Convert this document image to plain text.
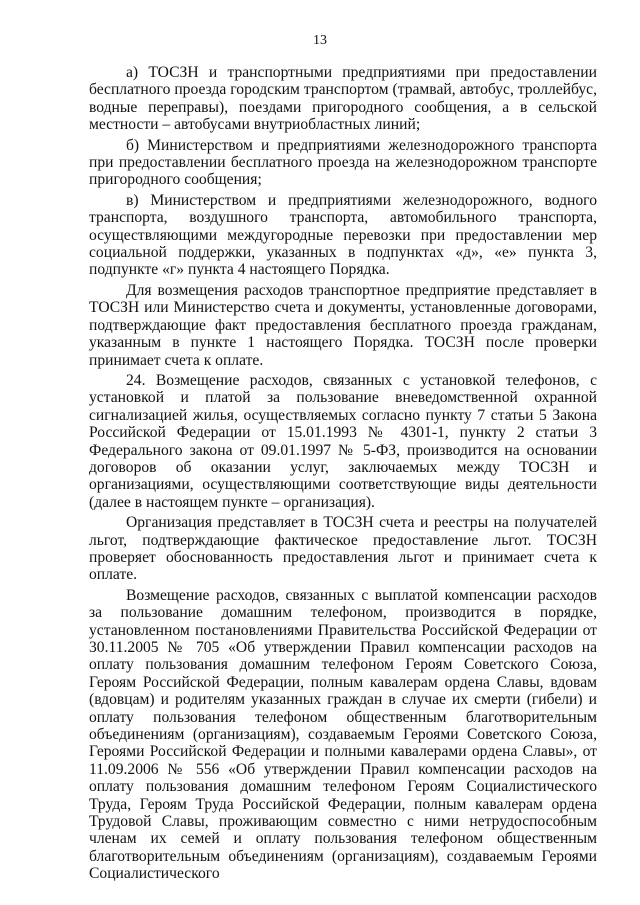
13

а) ТОСЗН и транспортными предприятиями при предоставлении бесплатного проезда городским транспортом (трамвай, автобус, троллейбус, водные переправы), поездами пригородного сообщения, а в сельской местности – автобусами внутриобластных линий;

б) Министерством и предприятиями железнодорожного транспорта при предоставлении бесплатного проезда на железнодорожном транспорте пригородного сообщения;

в) Министерством и предприятиями железнодорожного, водного транспорта, воздушного транспорта, автомобильного транспорта, осуществляющими междугородные перевозки при предоставлении мер социальной поддержки, указанных в подпунктах «д», «е» пункта 3, подпункте «г» пункта 4 настоящего Порядка.

Для возмещения расходов транспортное предприятие представляет в ТОСЗН или Министерство счета и документы, установленные договорами, подтверждающие факт предоставления бесплатного проезда гражданам, указанным в пункте 1 настоящего Порядка. ТОСЗН после проверки принимает счета к оплате.

24. Возмещение расходов, связанных с установкой телефонов, с установкой и платой за пользование вневедомственной охранной сигнализацией жилья, осуществляемых согласно пункту 7 статьи 5 Закона Российской Федерации от 15.01.1993 № 4301-1, пункту 2 статьи 3 Федерального закона от 09.01.1997 № 5-ФЗ, производится на основании договоров об оказании услуг, заключаемых между ТОСЗН и организациями, осуществляющими соответствующие виды деятельности (далее в настоящем пункте – организация).

Организация представляет в ТОСЗН счета и реестры на получателей льгот, подтверждающие фактическое предоставление льгот. ТОСЗН проверяет обоснованность предоставления льгот и принимает счета к оплате.

Возмещение расходов, связанных с выплатой компенсации расходов за пользование домашним телефоном, производится в порядке, установленном постановлениями Правительства Российской Федерации от 30.11.2005 № 705 «Об утверждении Правил компенсации расходов на оплату пользования домашним телефоном Героям Советского Союза, Героям Российской Федерации, полным кавалерам ордена Славы, вдовам (вдовцам) и родителям указанных граждан в случае их смерти (гибели) и оплату пользования телефоном общественным благотворительным объединениям (организациям), создаваемым Героями Советского Союза, Героями Российской Федерации и полными кавалерами ордена Славы», от 11.09.2006 № 556 «Об утверждении Правил компенсации расходов на оплату пользования домашним телефоном Героям Социалистического Труда, Героям Труда Российской Федерации, полным кавалерам ордена Трудовой Славы, проживающим совместно с ними нетрудоспособным членам их семей и оплату пользования телефоном общественным благотворительным объединениям (организациям), создаваемым Героями Социалистического
